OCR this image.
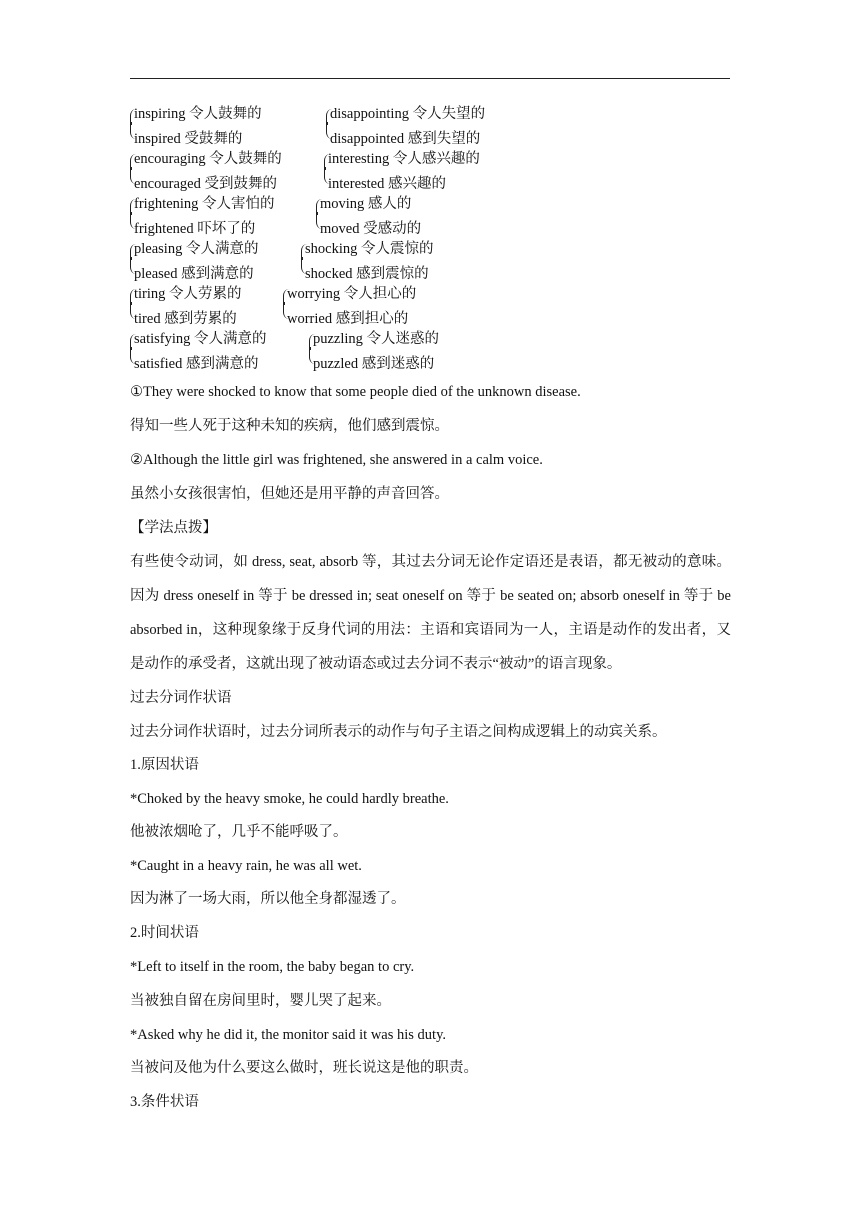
inspiring 令人鼓舞的
inspired 受鼓舞的
disappointing 令人失望的
disappointed 感到失望的
encouraging 令人鼓舞的
encouraged 受到鼓舞的
interesting 令人感兴趣的
interested 感兴趣的
frightening 令人害怕的
frightened 吓坏了的
moving 感人的
moved 受感动的
pleasing 令人满意的
pleased 感到满意的
shocking 令人震惊的
shocked 感到震惊的
tiring 令人劳累的
tired 感到劳累的
worrying 令人担心的
worried 感到担心的
satisfying 令人满意的
satisfied 感到满意的
puzzling 令人迷惑的
puzzled 感到迷惑的
①They were shocked to know that some people died of the unknown disease.
得知一些人死于这种未知的疾病，他们感到震惊。
②Although the little girl was frightened, she answered in a calm voice.
虽然小女孩很害怕，但她还是用平静的声音回答。
【学法点拨】
有些使令动词，如 dress, seat, absorb 等，其过去分词无论作定语还是表语，都无被动的意味。因为 dress oneself in 等于 be dressed in; seat oneself on 等于 be seated on; absorb oneself in 等于 be absorbed in，这种现象缘于反身代词的用法：主语和宾语同为一人，主语是动作的发出者，又是动作的承受者，这就出现了被动语态或过去分词不表示“被动”的语言现象。
过去分词作状语
过去分词作状语时，过去分词所表示的动作与句子主语之间构成逻辑上的动宾关系。
1.原因状语
*Choked by the heavy smoke, he could hardly breathe.
他被浓烟呛了，几乎不能呼吸了。
*Caught in a heavy rain, he was all wet.
因为淋了一场大雨，所以他全身都湿透了。
2.时间状语
*Left to itself in the room, the baby began to cry.
当被独自留在房间里时，婴儿哭了起来。
*Asked why he did it, the monitor said it was his duty.
当被问及他为什么要这么做时，班长说这是他的职责。
3.条件状语
